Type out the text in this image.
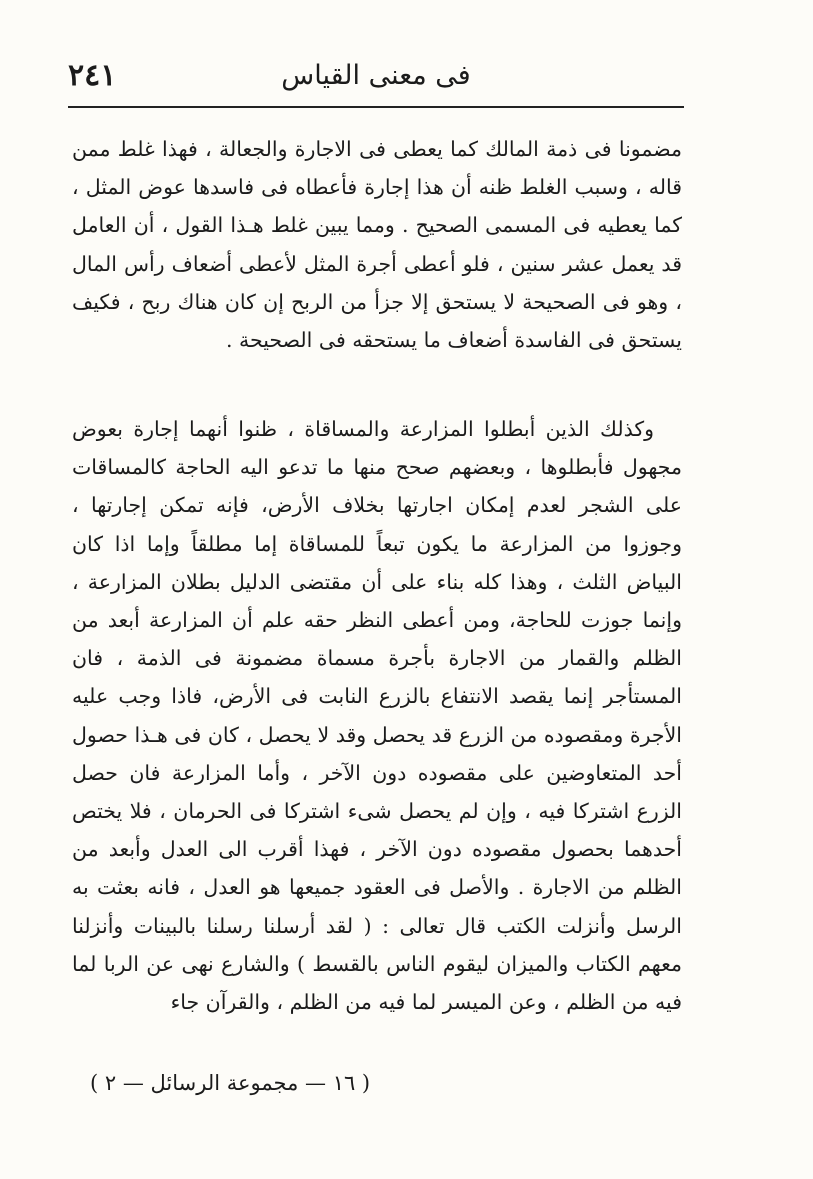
٢٤١	فى معنى القياس

مضمونا فى ذمة المالك كما يعطى فى الاجارة والجعالة ، فهذا غلط ممن قاله ، وسبب الغلط ظنه أن هذا إجارة فأعطاه فى فاسدها عوض المثل ، كما يعطيه فى المسمى الصحيح . ومما يبين غلط هـذا القول ، أن العامل قد يعمل عشر سنين ، فلو أعطى أجرة المثل لأعطى أضعاف رأس المال ، وهو فى الصحيحة لا يستحق إلا جزأ من الربح إن كان هناك ربح ، فكيف يستحق فى الفاسدة أضعاف ما يستحقه فى الصحيحة .

وكذلك الذين أبطلوا المزارعة والمساقاة ، ظنوا أنهما إجارة بعوض مجهول فأبطلوها ، وبعضهم صحح منها ما تدعو اليه الحاجة كالمساقات على الشجر لعدم إمكان اجارتها بخلاف الأرض، فإنه تمكن إجارتها ، وجوزوا من المزارعة ما يكون تبعاً للمساقاة إما مطلقاً وإما اذا كان البياض الثلث ، وهذا كله بناء على أن مقتضى الدليل بطلان المزارعة ، وإنما جوزت للحاجة، ومن أعطى النظر حقه علم أن المزارعة أبعد من الظلم والقمار من الاجارة بأجرة مسماة مضمونة فى الذمة ، فان المستأجر إنما يقصد الانتفاع بالزرع النابت فى الأرض، فاذا وجب عليه الأجرة ومقصوده من الزرع قد يحصل وقد لا يحصل ، كان فى هـذا حصول أحد المتعاوضين على مقصوده دون الآخر ، وأما المزارعة فان حصل الزرع اشتركا فيه ، وإن لم يحصل شىء اشتركا فى الحرمان ، فلا يختص أحدهما بحصول مقصوده دون الآخر ، فهذا أقرب الى العدل وأبعد من الظلم من الاجارة . والأصل فى العقود جميعها هو العدل ، فانه بعثت به الرسل وأنزلت الكتب قال تعالى : ( لقد أرسلنا رسلنا بالبينات وأنزلنا معهم الكتاب والميزان ليقوم الناس بالقسط ) والشارع نهى عن الربا لما فيه من الظلم ، وعن الميسر لما فيه من الظلم ، والقرآن جاء

( ١٦ — مجموعة الرسائل — ٢ )
